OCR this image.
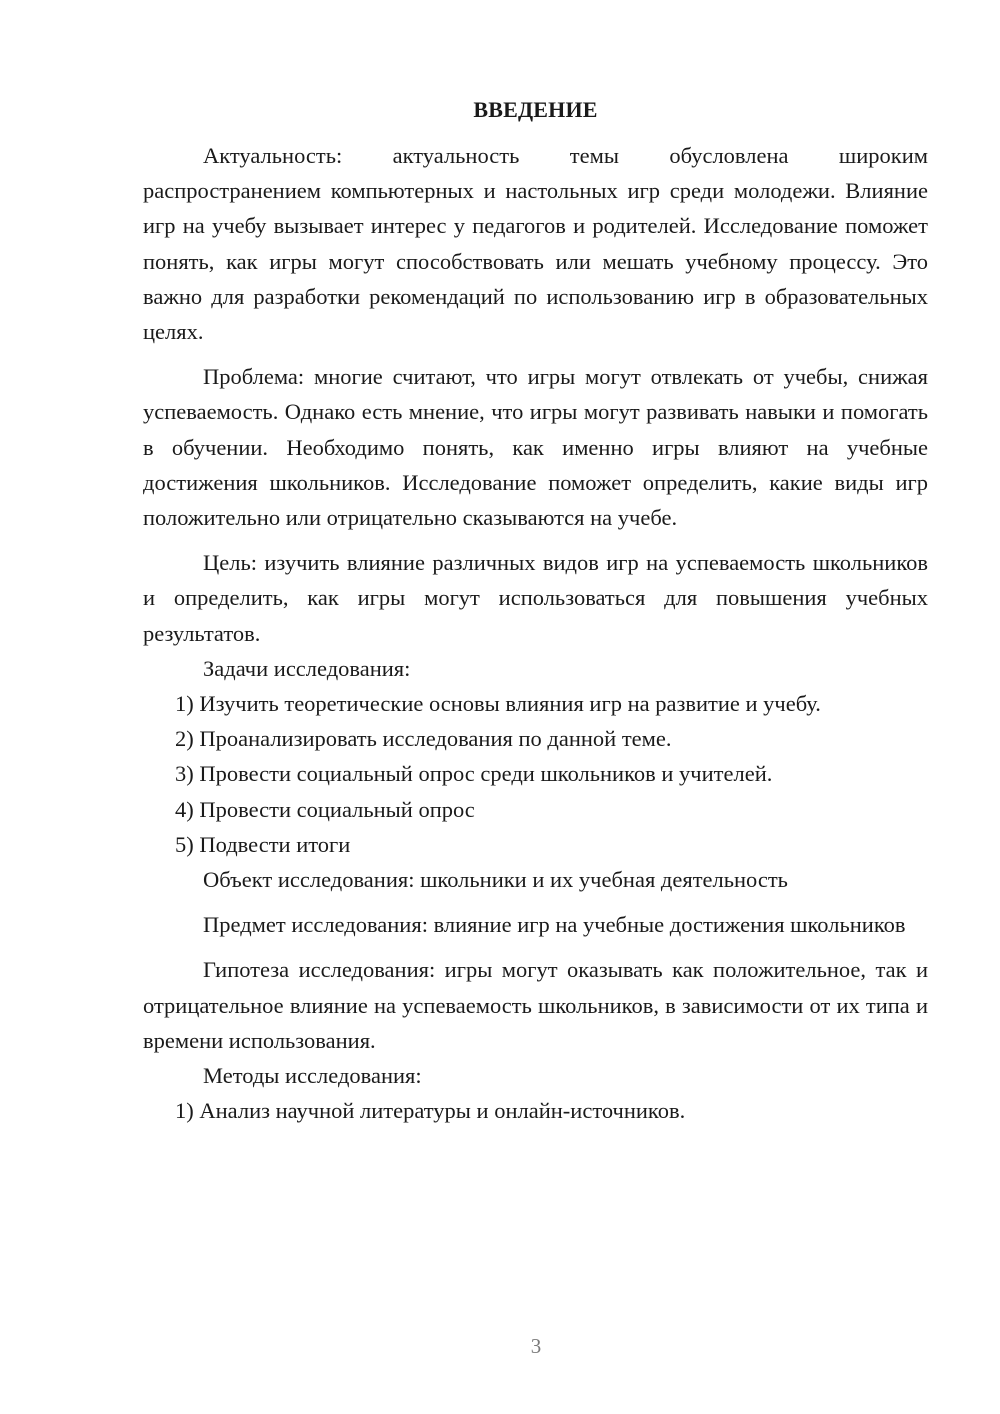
ВВЕДЕНИЕ

Актуальность: актуальность темы обусловлена широким распространением компьютерных и настольных игр среди молодежи. Влияние игр на учебу вызывает интерес у педагогов и родителей. Исследование поможет понять, как игры могут способствовать или мешать учебному процессу. Это важно для разработки рекомендаций по использованию игр в образовательных целях.

Проблема: многие считают, что игры могут отвлекать от учебы, снижая успеваемость. Однако есть мнение, что игры могут развивать навыки и помогать в обучении. Необходимо понять, как именно игры влияют на учебные достижения школьников. Исследование поможет определить, какие виды игр положительно или отрицательно сказываются на учебе.

Цель: изучить влияние различных видов игр на успеваемость школьников и определить, как игры могут использоваться для повышения учебных результатов.

Задачи исследования:

1) Изучить теоретические основы влияния игр на развитие и учебу.

2) Проанализировать исследования по данной теме.

3) Провести социальный опрос среди школьников и учителей.

4) Провести социальный опрос

5) Подвести итоги

Объект исследования: школьники и их учебная деятельность

Предмет исследования: влияние игр на учебные достижения школьников

Гипотеза исследования: игры могут оказывать как положительное, так и отрицательное влияние на успеваемость школьников, в зависимости от их типа и времени использования.

Методы исследования:

1) Анализ научной литературы и онлайн-источников.

3
